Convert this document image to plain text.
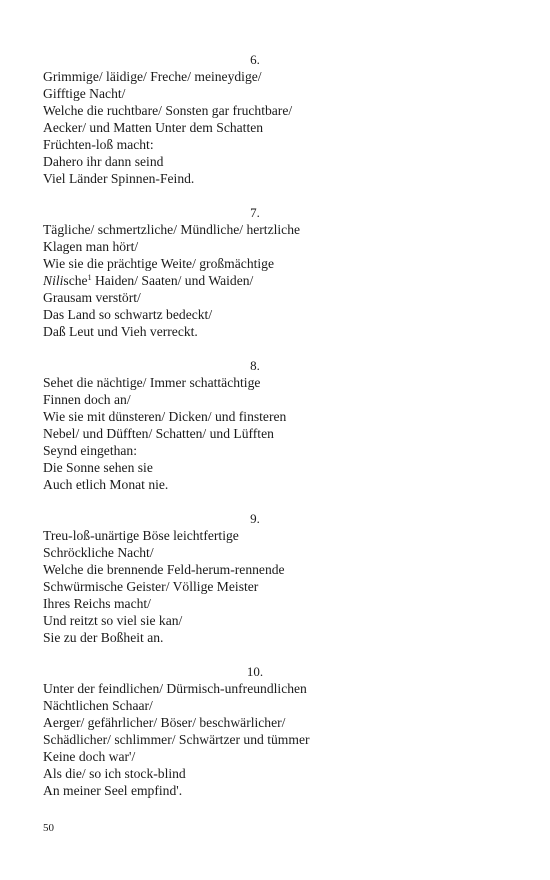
6.
Grimmige/ läidige/ Freche/ meineydige/
Gifftige Nacht/
Welche die ruchtbare/ Sonsten gar fruchtbare/
Aecker/ und Matten Unter dem Schatten
Früchten-loß macht:
Dahero ihr dann seind
Viel Länder Spinnen-Feind.
7.
Tägliche/ schmertzliche/ Mündliche/ hertzliche
Klagen man hört/
Wie sie die prächtige Weite/ großmächtige
Nilische$^1$ Haiden/ Saaten/ und Waiden/
Grausam verstört/
Das Land so schwartz bedeckt/
Daß Leut und Vieh verreckt.
8.
Sehet die nächtige/ Immer schattächtige
Finnen doch an/
Wie sie mit dünsteren/ Dicken/ und finsteren
Nebel/ und Düfften/ Schatten/ und Lüfften
Seynd eingethan:
Die Sonne sehen sie
Auch etlich Monat nie.
9.
Treu-loß-unärtige Böse leichtfertige
Schröckliche Nacht/
Welche die brennende Feld-herum-rennende
Schwürmische Geister/ Völlige Meister
Ihres Reichs macht/
Und reitzt so viel sie kan/
Sie zu der Boßheit an.
10.
Unter der feindlichen/ Dürmisch-unfreundlichen
Nächtlichen Schaar/
Aerger/ gefährlicher/ Böser/ beschwärlicher/
Schädlicher/ schlimmer/ Schwärtzer und tümmer
Keine doch war'/
Als die/ so ich stock-blind
An meiner Seel empfind'.
50
